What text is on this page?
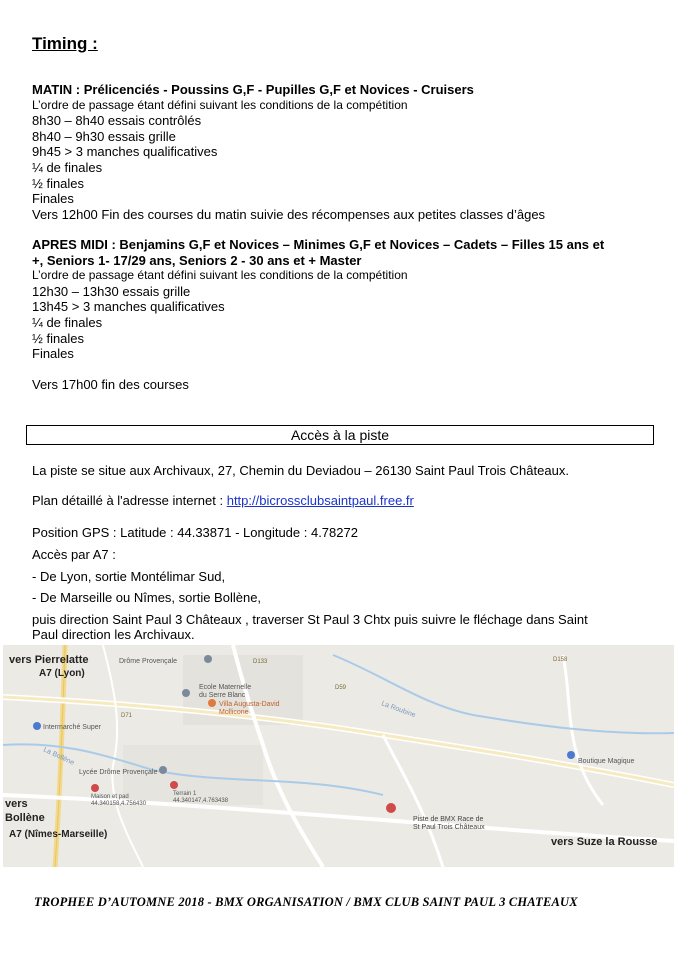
Timing :
MATIN : Prélicenciés - Poussins G,F - Pupilles G,F et Novices - Cruisers
L’ordre de passage étant défini suivant les conditions de la compétition
8h30 – 8h40 essais contrôlés
8h40 – 9h30 essais grille
9h45 > 3 manches qualificatives
¼ de finales
½ finales
Finales
Vers 12h00 Fin des courses du matin suivie des récompenses aux petites classes d’âges
APRES MIDI : Benjamins G,F et Novices – Minimes G,F et Novices – Cadets – Filles 15 ans et
+, Seniors 1- 17/29 ans, Seniors 2 - 30 ans et + Master
L’ordre de passage étant défini suivant les conditions de la compétition
12h30 – 13h30 essais grille
13h45 > 3 manches qualificatives
¼ de finales
½ finales
Finales
Vers 17h00 fin des courses
Accès à la piste
La piste se situe aux Archivaux, 27, Chemin du Deviadou – 26130 Saint Paul Trois Châteaux.
Plan détaillé à l'adresse internet : http://bicrossclubsaintpaul.free.fr
Position GPS : Latitude : 44.33871 - Longitude : 4.78272
Accès par A7 :
- De Lyon, sortie Montélimar Sud,
- De Marseille ou Nîmes, sortie Bollène,
puis direction Saint Paul 3 Châteaux , traverser St Paul 3 Chtx puis suivre le fléchage dans Saint
Paul direction les Archivaux.
vers Pierrelatte
A7 (Lyon)
vers
Bollène
A7 (Nîmes-Marseille)
vers Suze la Rousse
Drôme Provençale
Ecole Maternelle
du Serre Blanc
Villa Augusta-David
Mollicone
Intermarché Super
Lycée Drôme Provençale
Maison et pad
44.340158,4.756430
Terrain 1
44.340147,4.763438
Piste de BMX Race de
St Paul Trois Châteaux
Boutique Magique
La Roubine
La Bollène
D59
D158
D133
D71
TROPHEE D’AUTOMNE 2018 - BMX ORGANISATION / BMX CLUB SAINT PAUL 3 CHATEAUX
